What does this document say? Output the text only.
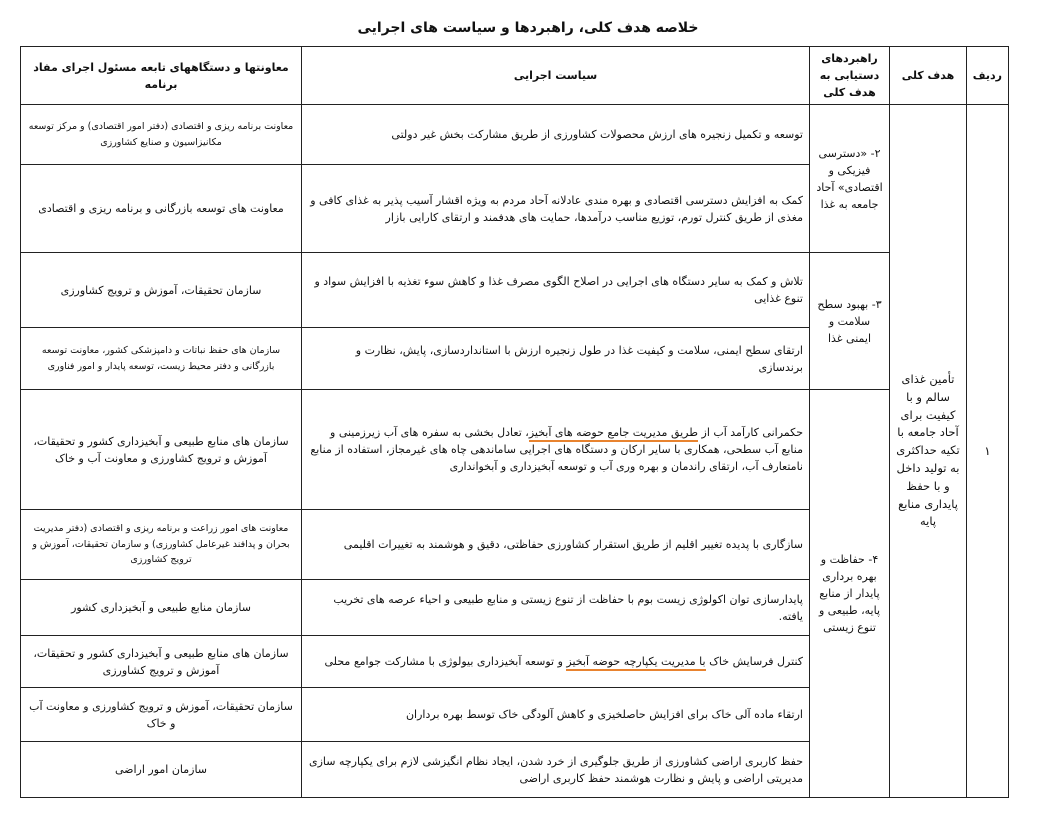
خلاصه هدف کلی، راهبردها و سیاست های اجرایی
ردیف	هدف کلی	راهبردهای دستیابی به هدف کلی	سیاست اجرایی	معاونتها و دستگاههای تابعه مسئول اجرای مفاد برنامه
۱	تأمین غذای سالم و با کیفیت برای آحاد جامعه با تکیه حداکثری به تولید داخل و با حفظ پایداری منابع پایه	۲- «دسترسی فیزیکی و اقتصادی» آحاد جامعه به غذا	توسعه و تکمیل زنجیره های ارزش محصولات کشاورزی از طریق مشارکت بخش غیر دولتی	معاونت برنامه ریزی و اقتصادی (دفتر امور اقتصادی) و مرکز توسعه مکانیزاسیون و صنایع کشاورزی
			کمک به افزایش دسترسی اقتصادی و بهره مندی عادلانه آحاد مردم به ویژه اقشار آسیب پذیر به غذای کافی و مغذی از طریق کنترل تورم، توزیع مناسب درآمدها، حمایت های هدفمند و ارتقای کارایی بازار	معاونت های توسعه بازرگانی و برنامه ریزی و اقتصادی
		۳- بهبود سطح سلامت و ایمنی غذا	تلاش و کمک به سایر دستگاه های اجرایی در اصلاح الگوی مصرف غذا و کاهش سوء تغذیه با افزایش سواد و تنوع غذایی	سازمان تحقیقات، آموزش و ترویج کشاورزی
			ارتقای سطح ایمنی، سلامت و کیفیت غذا در طول زنجیره ارزش با استانداردسازی، پایش، نظارت و برندسازی	سازمان های حفظ نباتات و دامپزشکی کشور، معاونت توسعه بازرگانی و دفتر محیط زیست، توسعه پایدار و امور فناوری
		۴- حفاظت و بهره برداری پایدار از منابع پایه، طبیعی و تنوع زیستی	حکمرانی کارآمد آب از طریق مدیریت جامع حوضه های آبخیز، تعادل بخشی به سفره های آب زیرزمینی و منابع آب سطحی، همکاری با سایر ارکان و دستگاه های اجرایی ساماندهی چاه های غیرمجاز، استفاده از منابع نامتعارف آب، ارتقای راندمان و بهره وری آب و توسعه آبخیزداری و آبخوانداری	سازمان های منابع طبیعی و آبخیزداری کشور و تحقیقات، آموزش و ترویج کشاورزی و معاونت آب و خاک
			سازگاری با پدیده تغییر اقلیم از طریق استقرار کشاورزی حفاظتی، دقیق و هوشمند به تغییرات اقلیمی	معاونت های امور زراعت و برنامه ریزی و اقتصادی (دفتر مدیریت بحران و پدافند غیرعامل کشاورزی) و سازمان تحقیقات، آموزش و ترویج کشاورزی
			پایدارسازی توان اکولوژی زیست بوم با حفاظت از تنوع زیستی و منابع طبیعی و احیاء عرصه های تخریب یافته.	سازمان منابع طبیعی و آبخیزداری کشور
			کنترل فرسایش خاک با مدیریت یکپارچه حوضه آبخیز و توسعه آبخیزداری بیولوژی با مشارکت جوامع محلی	سازمان های منابع طبیعی و آبخیزداری کشور و تحقیقات، آموزش و ترویج کشاورزی
			ارتقاء ماده آلی خاک برای افزایش حاصلخیزی و کاهش آلودگی خاک توسط بهره برداران	سازمان تحقیقات، آموزش و ترویج کشاورزی و معاونت آب و خاک
			حفظ کاربری اراضی کشاورزی از طریق جلوگیری از خرد شدن، ایجاد نظام انگیزشی لازم برای یکپارچه سازی مدیریتی اراضی و پایش و نظارت هوشمند حفظ کاربری اراضی	سازمان امور اراضی
